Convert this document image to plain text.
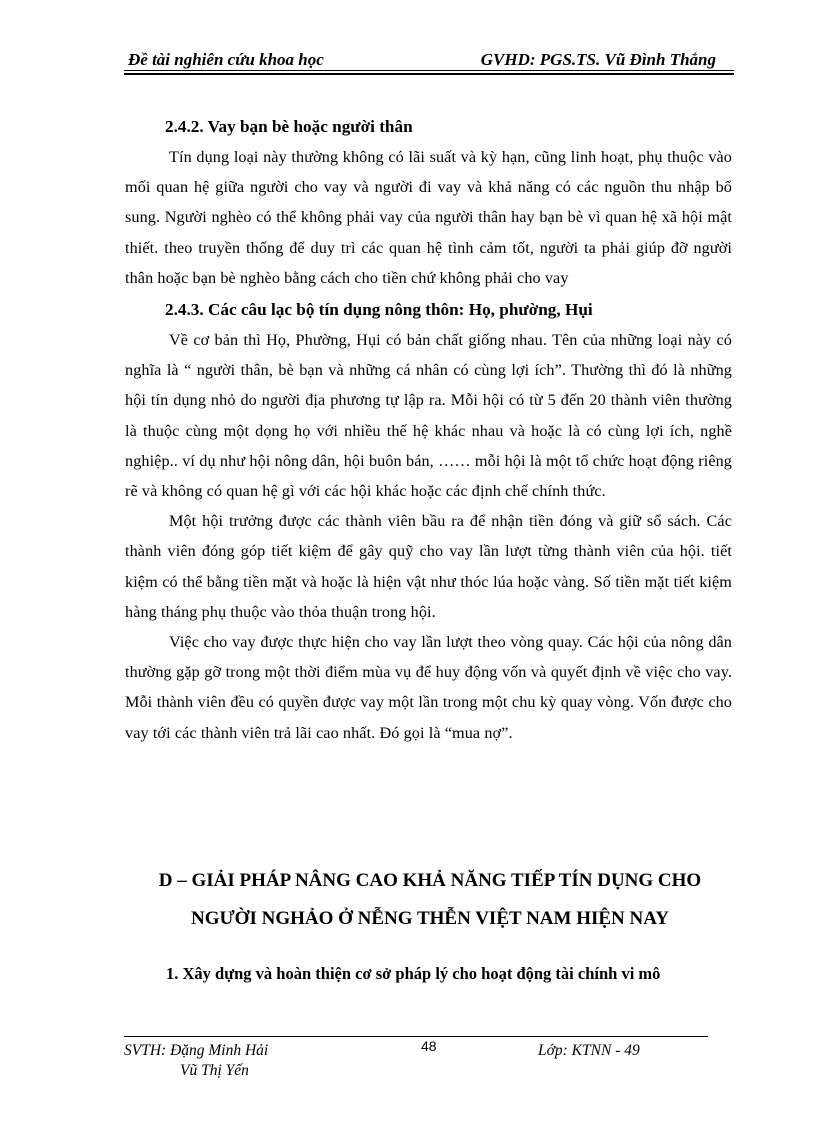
Đề tài nghiên cứu khoa học	GVHD: PGS.TS. Vũ Đình Thắng

2.4.2. Vay bạn bè hoặc người thân

Tín dụng loại này thường không có lãi suất và kỳ hạn, cũng linh hoạt, phụ thuộc vào mối quan hệ giữa người cho vay và người đi vay và khả năng có các nguồn thu nhập bổ sung. Người nghèo có thể không phải vay của người thân hay bạn bè vì quan hệ xã hội mật thiết. theo truyền thống để duy trì các quan hệ tình cảm tốt, người ta phải giúp đỡ người thân hoặc bạn bè nghèo bằng cách cho tiền chứ không phải cho vay

2.4.3. Các câu lạc bộ tín dụng nông thôn: Họ, phường, Hụi

Về cơ bản thì Họ, Phường, Hụi có bản chất giống nhau. Tên của những loại này có nghĩa là “ người thân, bè bạn và những cá nhân có cùng lợi ích”. Thường thì đó là những hội tín dụng nhỏ do người địa phương tự lập ra. Mỗi hội có từ 5 đến 20 thành viên thường là thuộc cùng một dọng họ với nhiều thế hệ khác nhau và hoặc là có cùng lợi ích, nghề nghiệp.. ví dụ như hội nông dân, hội buôn bán, …… mỗi hội là một tổ chức hoạt động riêng rẽ và không có quan hệ gì với các hội khác hoặc các định chế chính thức.

Một hội trưởng được các thành viên bầu ra để nhận tiền đóng và giữ sổ sách. Các thành viên đóng góp tiết kiệm để gây quỹ cho vay lần lượt từng thành viên của hội. tiết kiệm có thể bằng tiền mặt và hoặc là hiện vật như thóc lúa hoặc vàng. Số tiền mặt tiết kiệm hàng tháng phụ thuộc vào thỏa thuận trong hội.

Việc cho vay được thực hiện cho vay lần lượt theo vòng quay. Các hội của nông dân thường gặp gỡ trong một thời điểm mùa vụ để huy động vốn và quyết định về việc cho vay. Mỗi thành viên đều có quyền được vay một lần trong một chu kỳ quay vòng. Vốn được cho vay tới các thành viên trả lãi cao nhất. Đó gọi là “mua nợ”.

D – GIẢI PHÁP NÂNG CAO KHẢ NĂNG TIẾP TÍN DỤNG CHO
NGƯỜI NGHẢO Ở NỄNG THỄN VIỆT NAM HIỆN NAY
1. Xây dựng và hoàn thiện cơ sở pháp lý cho hoạt động tài chính vi mô
SVTH: Đặng Minh Hải
Vũ Thị Yến
48	Lớp: KTNN - 49
